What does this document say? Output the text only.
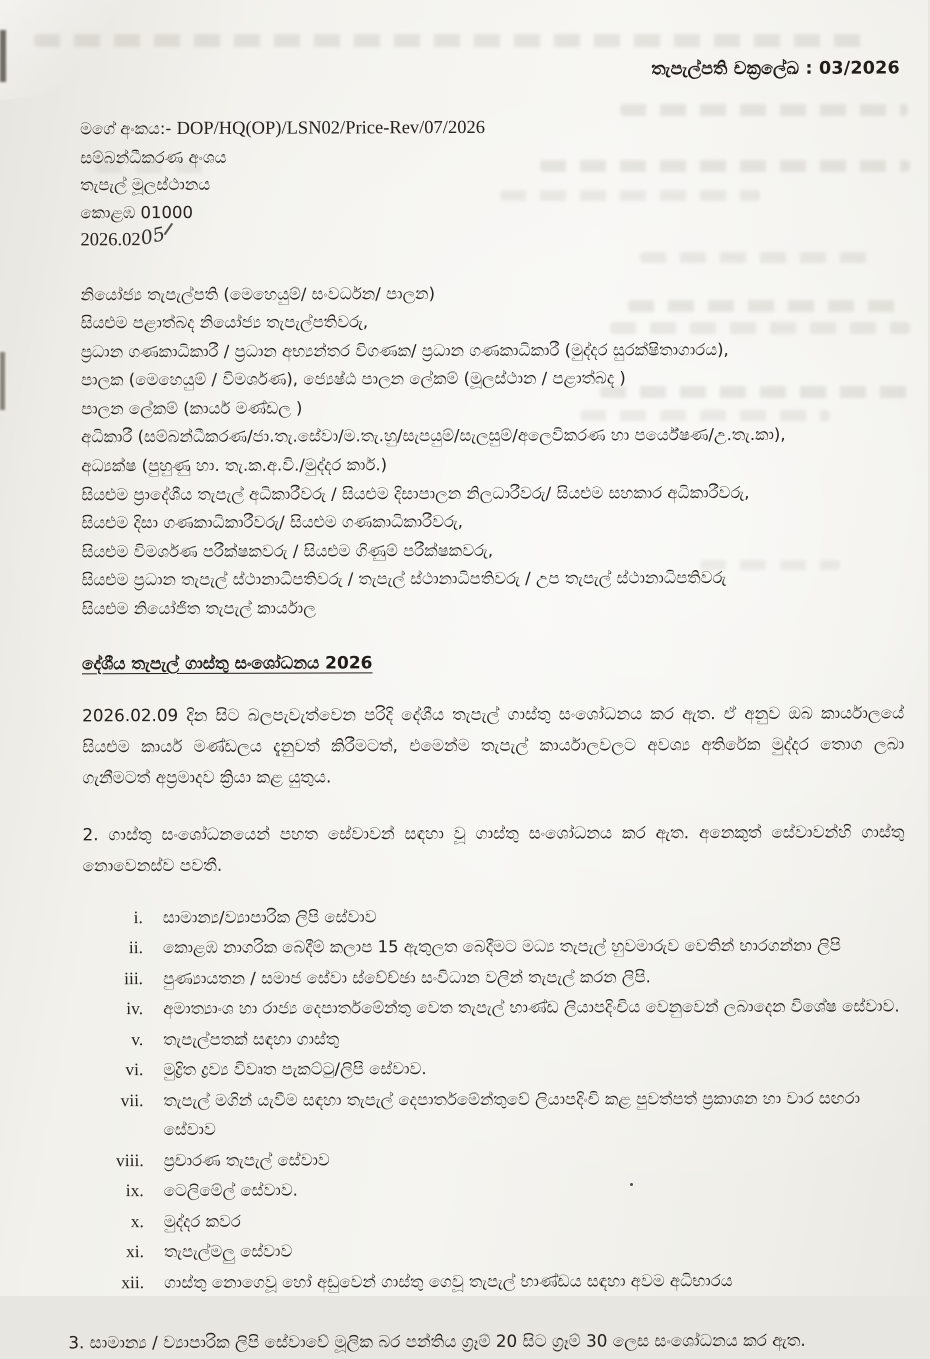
තැපැල්පති චක්‍රලේඛ : 03/2026
මගේ අංකය:- DOP/HQ(OP)/LSN02/Price-Rev/07/2026
සම්බන්ධීකරණ අංශය
තැපැල් මූලස්ථානය
කොළඹ 01000
2026.0205
නියෝජ්‍ය තැපැල්පති (මෙහෙයුම්/ සංවර්ධන/ පාලන)
සියළුම පළාත්බද නියෝජ්‍ය තැපැල්පතිවරු,
ප්‍රධාන ගණකාධිකාරී / ප්‍රධාන අභ්‍යන්තර විගණක/ ප්‍රධාන ගණකාධිකාරී (මුද්දර සුරක්ෂිතාගාරය),
පාලක (මෙහෙයුම් / විමර්ශණ), ජ්‍යෙෂ්ඨ පාලන ලේකම් (මූලස්ථාන / පළාත්බද )
පාලන ලේකම් (කාර්ය මණ්ඩල )
අධිකාරී (සම්බන්ධීකරණ/ජා.තැ.සේවා/ම.තැ.හු/සැපයුම්/සැලසුම්/අලෙවිකරණ හා පර්යේෂණ/උ.තැ.කා),
අධ්‍යක්ෂ (පුහුණු හා. තැ.ක.අ.වි./මුද්දර කාර්.)
සියළුම ප්‍රාදේශීය තැපැල් අධිකාරීවරු / සියළුම දිසාපාලන නිලධාරීවරු/ සියළුම සහකාර අධිකාරීවරු,
සියළුම දිසා ගණකාධිකාරීවරු/ සියළුම ගණකාධිකාරීවරු,
සියළුම විමර්ශණ පරීක්ෂකවරු / සියළුම ගිණුම් පරීක්ෂකවරු,
සියළුම ප්‍රධාන තැපැල් ස්ථානාධිපතිවරු / තැපැල් ස්ථානාධිපතිවරු / උප තැපැල් ස්ථානාධිපතිවරු
සියළුම නියෝජිත තැපැල් කාර්යාල
දේශීය තැපැල් ගාස්තු සංශෝධනය 2026
2026.02.09 දින සිට බලපැවැත්වෙන පරිදි දේශීය තැපැල් ගාස්තු සංශෝධනය කර ඇත. ඒ අනුව ඔබ කාර්යාලයේ සියළුම කාර්ය මණ්ඩලය දැනුවත් කිරීමටත්, එමෙන්ම තැපැල් කාර්යාලවලට අවශ්‍ය අතිරේක මුද්දර තොග ලබා ගැනීමටත් අප්‍රමාදව ක්‍රියා කළ යුතුය.
2. ගාස්තු සංශෝධනයෙන් පහත සේවාවන් සඳහා වූ ගාස්තු සංශෝධනය කර ඇත. අනෙකුත් සේවාවන්හි ගාස්තු නොවෙනස්ව පවතී.
i.	සාමාන්‍ය/ව්‍යාපාරික ලිපි සේවාව
ii.	කොළඹ නාගරික බෙදීම් කලාප 15 ඇතුලත බෙදීමට මධ්‍ය තැපැල් හුවමාරුව වෙතින් භාරගන්නා ලිපි
iii.	පුණ්‍යායතන / සමාජ සේවා ස්වේච්ඡා සංවිධාන වලින් තැපැල් කරන ලිපි.
iv.	අමාත්‍යාංශ හා රාජ්‍ය දෙපාර්තමේන්තු වෙත තැපැල් භාණ්ඩ ලියාපදිංචිය වෙනුවෙන් ලබාදෙන විශේෂ සේවාව.
v.	තැපැල්පතක් සඳහා ගාස්තු
vi.	මුද්‍රිත ද්‍රව්‍ය විවෘත පැකට්ටු/ලිපි සේවාව.
vii.	තැපැල් මගින් යැවීම සඳහා තැපැල් දෙපාර්තමේන්තුවේ ලියාපදිංචි කළ පුවත්පත් ප්‍රකාශන හා වාර සඟරා සේවාව
viii.	ප්‍රචාරණ තැපැල් සේවාව
ix.	ටෙලිමේල් සේවාව.
x.	මුද්දර කවර
xi.	තැපැල්මලු සේවාව
xii.	ගාස්තු නොගෙවූ හෝ අඩුවෙන් ගාස්තු ගෙවූ තැපැල් භාණ්ඩය සඳහා අවම අධිභාරය
3. සාමාන්‍ය / ව්‍යාපාරික ලිපි සේවාවේ මූලික බර පන්තිය ග්‍රෑම් 20 සිට ග්‍රෑම් 30 ලෙස සංශෝධනය කර ඇත.
